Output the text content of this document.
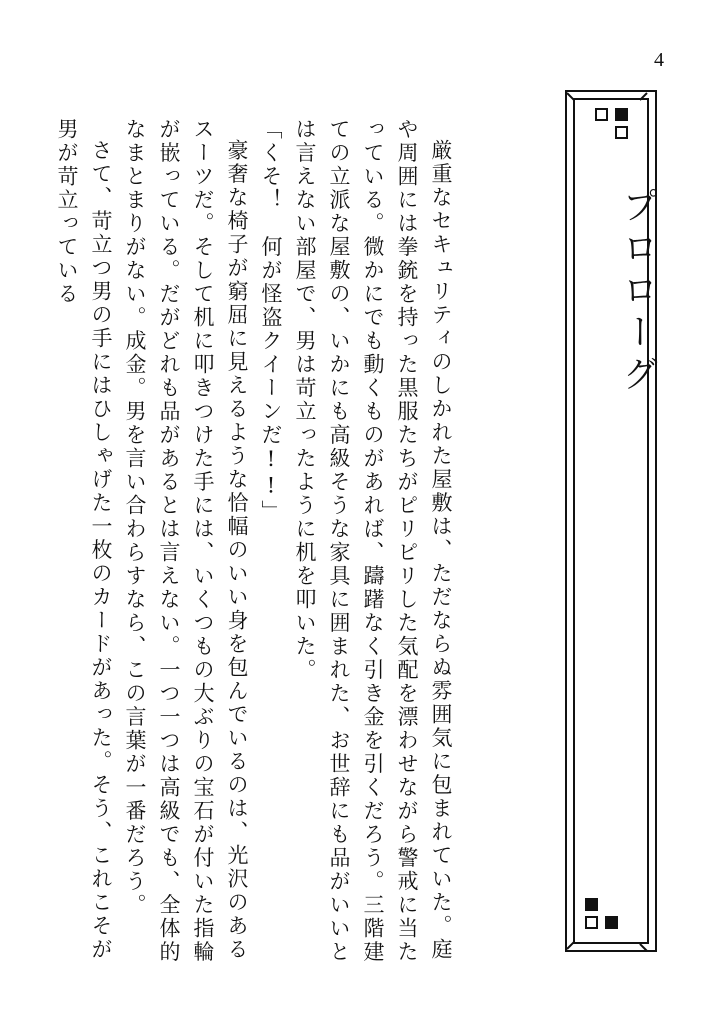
4
プロローグ

厳重なセキュリティのしかれた屋敷は、ただならぬ雰囲気に包まれていた。庭や周囲には拳銃を持った黒服たちがピリピリした気配を漂わせながら警戒に当たっている。微かにでも動くものがあれば、躊躇なく引き金を引くだろう。三階建ての立派な屋敷の、いかにも高級そうな家具に囲まれた、お世辞にも品がいいとは言えない部屋で、男は苛立ったように机を叩いた。

「くそ！　何が怪盗クイーンだ!!」

豪奢な椅子が窮屈に見えるような恰幅のいい身を包んでいるのは、光沢のあるスーツだ。そして机に叩きつけた手には、いくつもの大ぶりの宝石が付いた指輪が嵌っている。だがどれも品があるとは言えない。一つ一つは高級でも、全体的なまとまりがない。成金。男を言い合わらすなら、この言葉が一番だろう。

さて、苛立つ男の手にはひしゃげた一枚のカードがあった。そう、これこそが男が苛立っている
